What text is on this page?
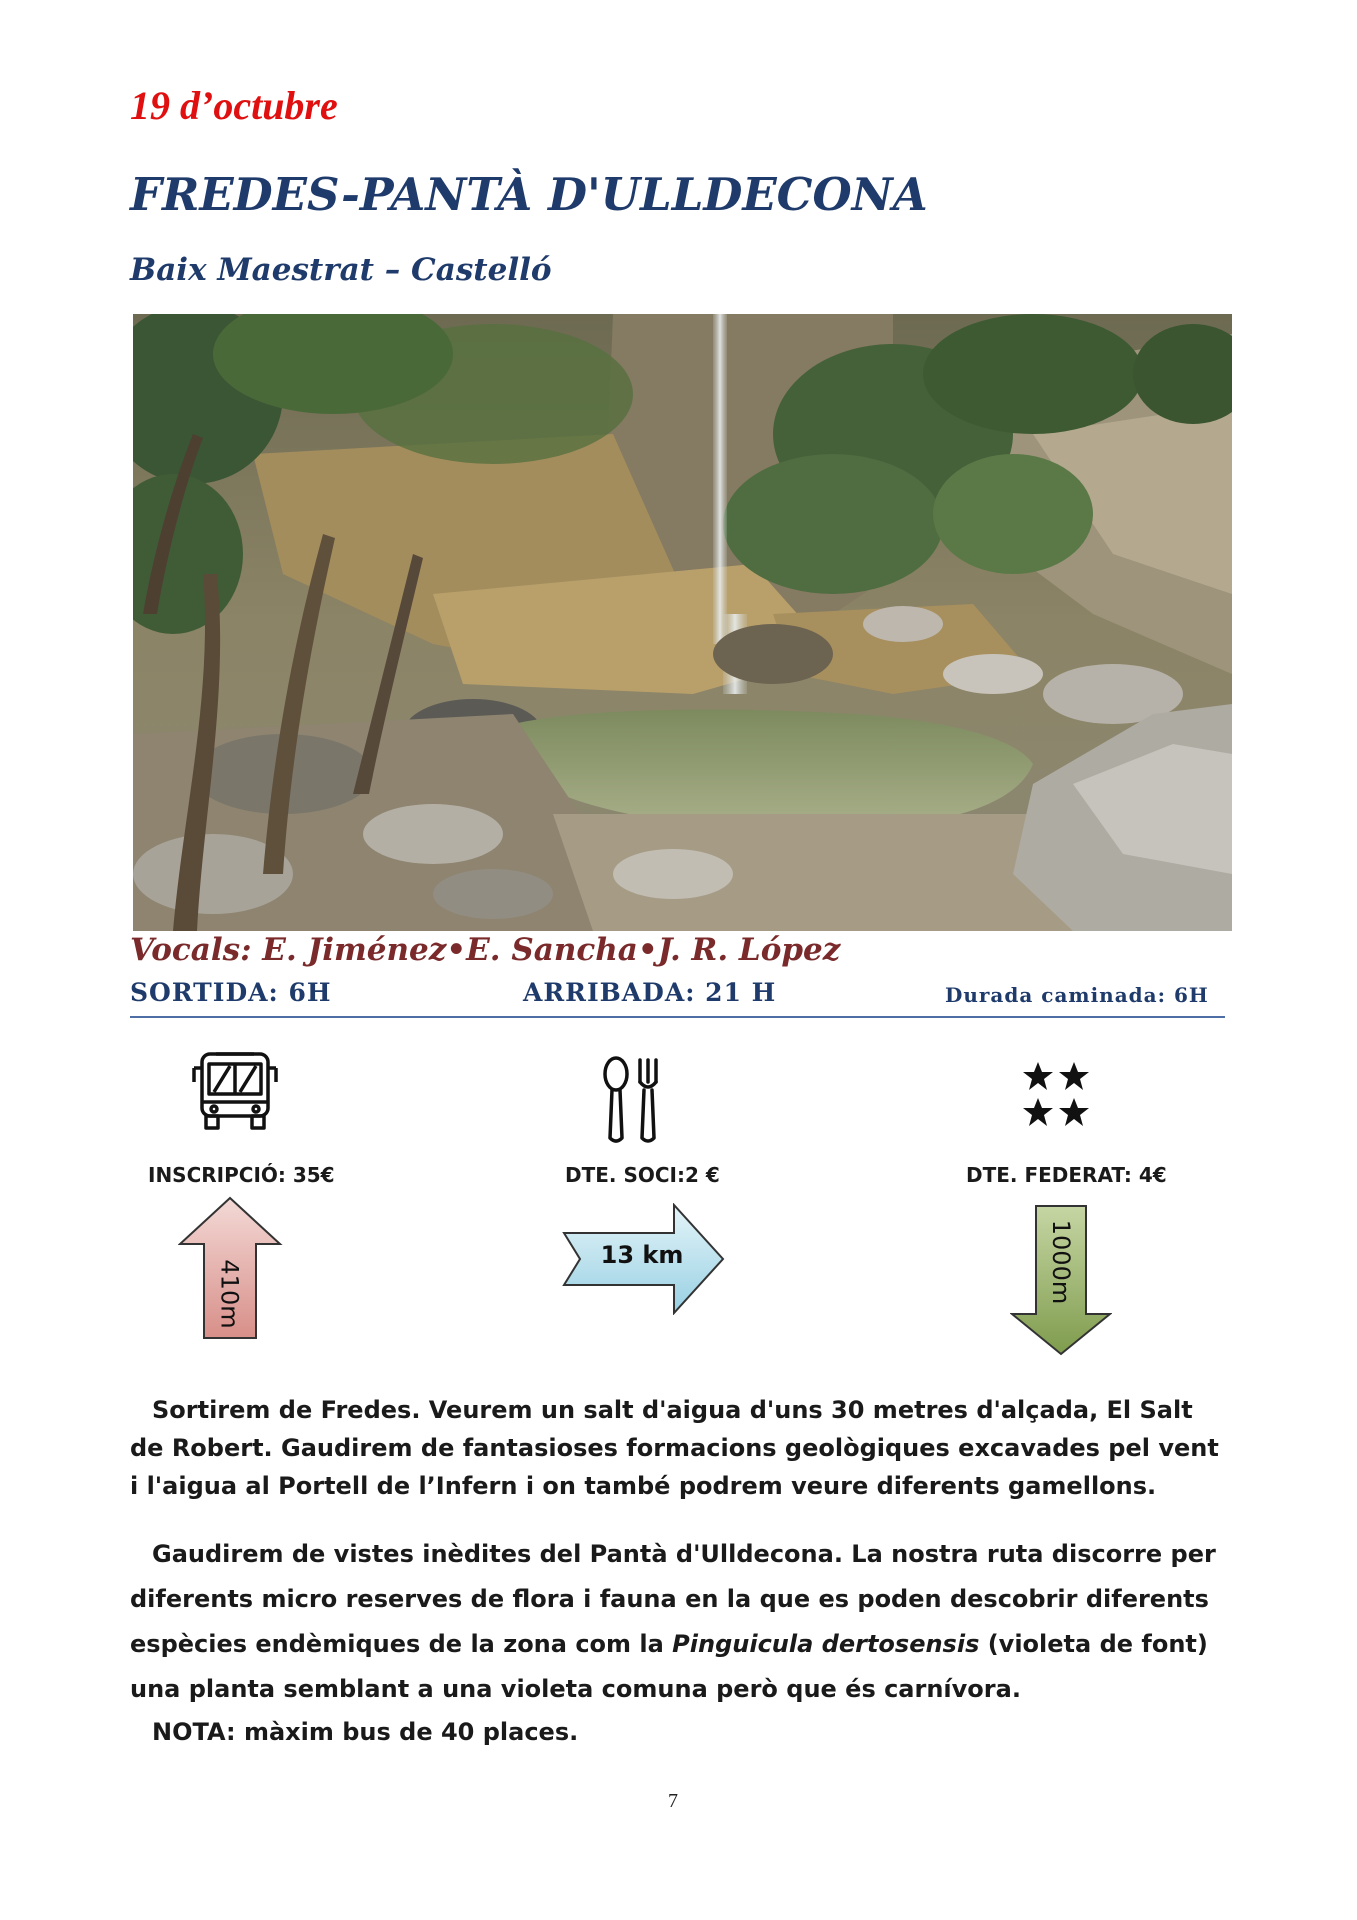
19 d’octubre
FREDES-PANTÀ D'ULLDECONA
Baix Maestrat – Castelló
Vocals: E. Jiménez•E. Sancha•J. R. López
SORTIDA: 6H	ARRIBADA: 21 H	Durada caminada: 6H
INSCRIPCIÓ: 35€	DTE. SOCI:2 €	DTE. FEDERAT: 4€
410m
13 km	1000m

Sortirem de Fredes. Veurem un salt d'aigua d'uns 30 metres d'alçada, El Salt de Robert. Gaudirem de fantasioses formacions geològiques excavades pel vent i l'aigua al Portell de l’Infern i on també podrem veure diferents gamellons.

Gaudirem de vistes inèdites del Pantà d'Ulldecona. La nostra ruta discorre per diferents micro reserves de flora i fauna en la que es poden descobrir diferents espècies endèmiques de la zona com la Pinguicula dertosensis (violeta de font) una planta semblant a una violeta comuna però que és carnívora.

NOTA: màxim bus de 40 places.

7
